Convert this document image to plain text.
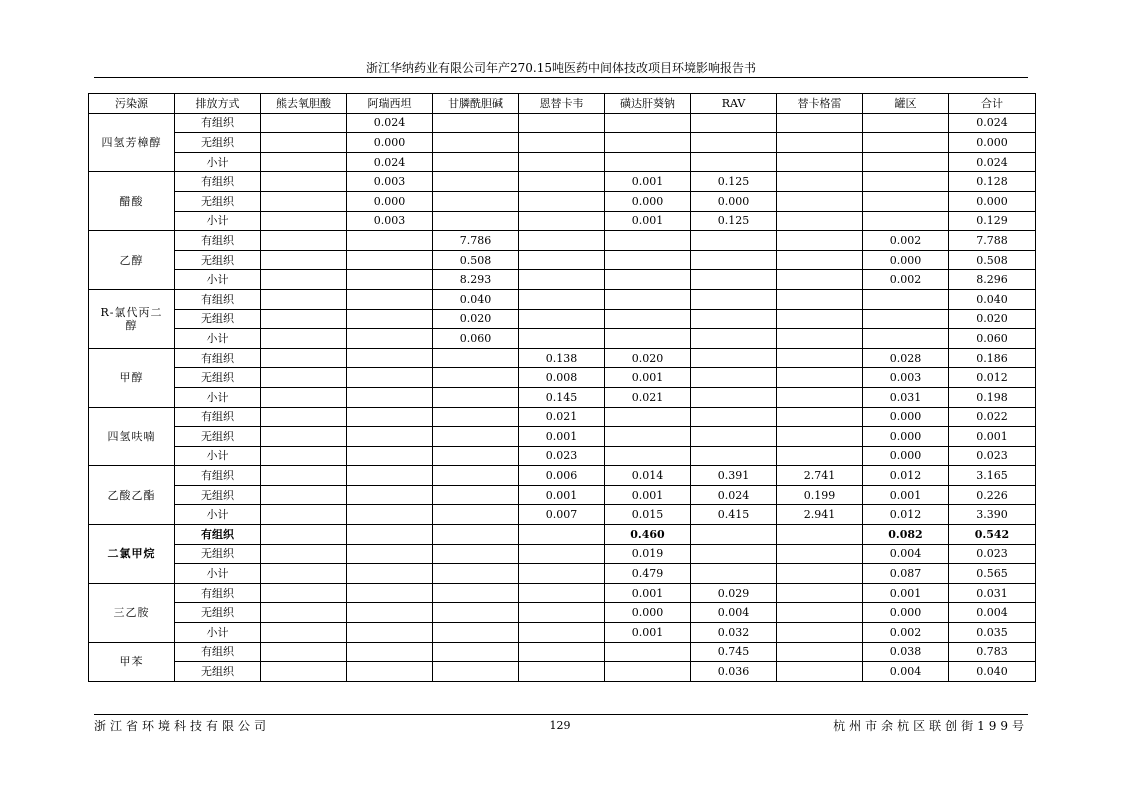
浙江华纳药业有限公司年产270.15吨医药中间体技改项目环境影响报告书
污染源	排放方式	熊去氧胆酸	阿瑞西坦	甘膦酰胆碱	恩替卡韦	磺达肝葵钠	RAV	替卡格雷	罐区	合计
四氢芳樟醇	有组织		0.024							0.024
	无组织		0.000							0.000
	小计		0.024							0.024
醋酸	有组织		0.003			0.001	0.125			0.128
	无组织		0.000			0.000	0.000			0.000
	小计		0.003			0.001	0.125			0.129
乙醇	有组织			7.786					0.002	7.788
	无组织			0.508					0.000	0.508
	小计			8.293					0.002	8.296
R-氯代丙二醇	有组织			0.040						0.040
	无组织			0.020						0.020
	小计			0.060						0.060
甲醇	有组织				0.138	0.020			0.028	0.186
	无组织				0.008	0.001			0.003	0.012
	小计				0.145	0.021			0.031	0.198
四氢呋喃	有组织				0.021				0.000	0.022
	无组织				0.001				0.000	0.001
	小计				0.023				0.000	0.023
乙酸乙酯	有组织				0.006	0.014	0.391	2.741	0.012	3.165
	无组织				0.001	0.001	0.024	0.199	0.001	0.226
	小计				0.007	0.015	0.415	2.941	0.012	3.390
二氯甲烷	有组织					0.460			0.082	0.542
	无组织					0.019			0.004	0.023
	小计					0.479			0.087	0.565
三乙胺	有组织					0.001	0.029		0.001	0.031
	无组织					0.000	0.004		0.000	0.004
	小计					0.001	0.032		0.002	0.035
甲苯	有组织						0.745		0.038	0.783
	无组织						0.036		0.004	0.040
浙江省环境科技有限公司	129	杭州市余杭区联创街199号
